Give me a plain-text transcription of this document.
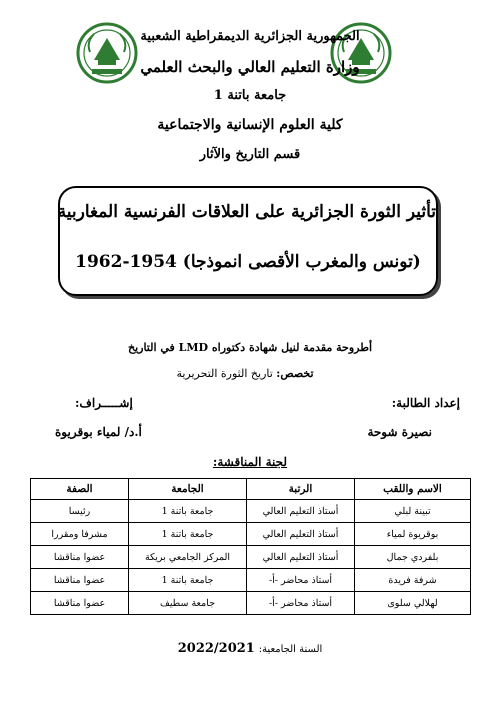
الجمهورية الجزائرية الديمقراطية الشعبية
وزارة التعليم العالي والبحث العلمي
جامعة باتنة 1
كلية العلوم الإنسانية والاجتماعية
قسم التاريخ والآثار
تأثير الثورة الجزائرية على العلاقات الفرنسية المغاربية
(تونس والمغرب الأقصى انموذجا) 1954-1962
أطروحة مقدمة لنيل شهادة دكتوراه LMD في التاريخ
تخصص: تاريخ الثورة التحريرية
إعداد الطالبة:
إشـــــراف:
نصيرة شوحة
أ.د/ لمياء بوقريوة
لجنة المناقشة:
الاسم واللقب	الرتبة	الجامعة	الصفة
تبينة لبلي	أستاذ التعليم العالي	جامعة باتنة 1	رئيسا
بوقريوة لمياء	أستاذ التعليم العالي	جامعة باتنة 1	مشرفا ومقررا
بلفردي جمال	أستاذ التعليم العالي	المركز الجامعي بريكة	عضوا مناقشا
شرفة فريدة	أستاذ محاضر -أ-	جامعة باتنة 1	عضوا مناقشا
لهلالي سلوى	أستاذ محاضر -أ-	جامعة سطيف	عضوا مناقشا
السنة الجامعية: 2022/2021
